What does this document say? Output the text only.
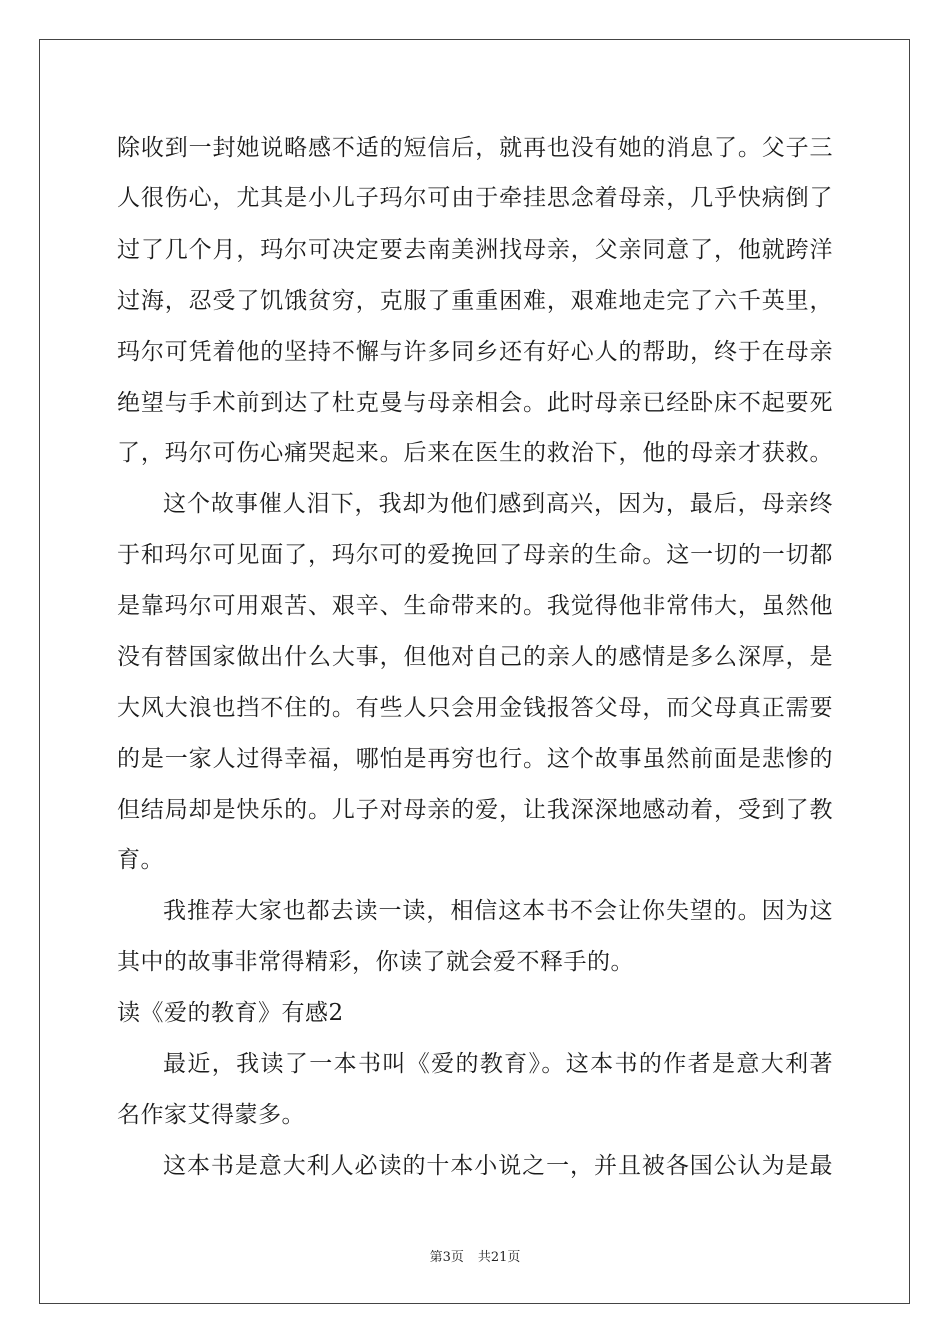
除收到一封她说略感不适的短信后，就再也没有她的消息了。父子三
人很伤心，尤其是小儿子玛尔可由于牵挂思念着母亲，几乎快病倒了
过了几个月，玛尔可决定要去南美洲找母亲，父亲同意了，他就跨洋
过海，忍受了饥饿贫穷，克服了重重困难，艰难地走完了六千英里，
玛尔可凭着他的坚持不懈与许多同乡还有好心人的帮助，终于在母亲
绝望与手术前到达了杜克曼与母亲相会。此时母亲已经卧床不起要死
了，玛尔可伤心痛哭起来。后来在医生的救治下，他的母亲才获救。
这个故事催人泪下，我却为他们感到高兴，因为，最后，母亲终
于和玛尔可见面了，玛尔可的爱挽回了母亲的生命。这一切的一切都
是靠玛尔可用艰苦、艰辛、生命带来的。我觉得他非常伟大，虽然他
没有替国家做出什么大事，但他对自己的亲人的感情是多么深厚，是
大风大浪也挡不住的。有些人只会用金钱报答父母，而父母真正需要
的是一家人过得幸福，哪怕是再穷也行。这个故事虽然前面是悲惨的
但结局却是快乐的。儿子对母亲的爱，让我深深地感动着，受到了教
育。
我推荐大家也都去读一读，相信这本书不会让你失望的。因为这
其中的故事非常得精彩，你读了就会爱不释手的。
读《爱的教育》有感2
最近，我读了一本书叫《爱的教育》。这本书的作者是意大利著
名作家艾得蒙多。
这本书是意大利人必读的十本小说之一，并且被各国公认为是最
第3页 共21页
